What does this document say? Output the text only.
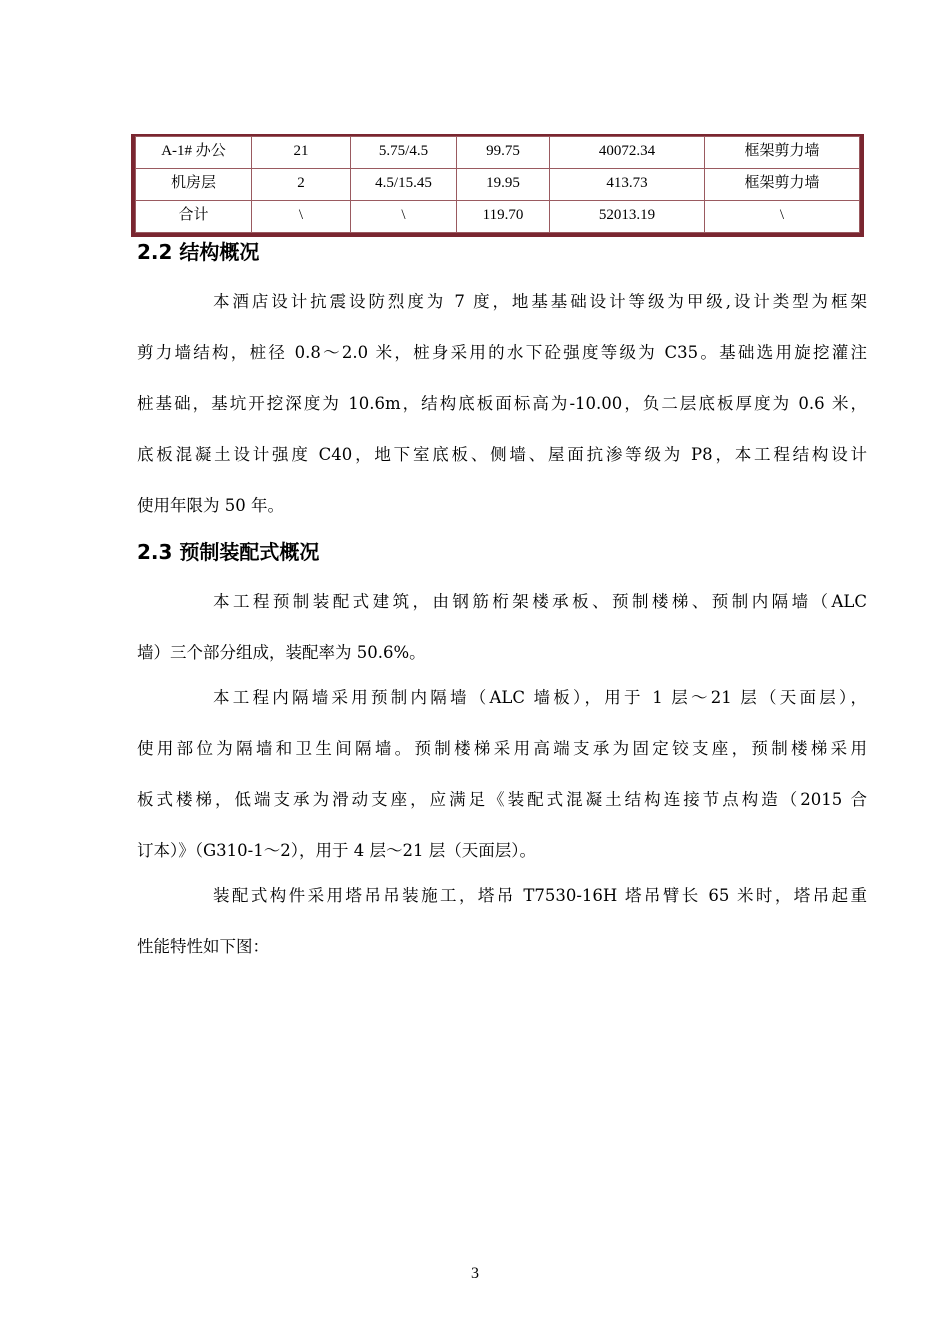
A-1# 办公	21	5.75/4.5	99.75	40072.34	框架剪力墙
机房层	2	4.5/15.45	19.95	413.73	框架剪力墙
合计	\	\	119.70	52013.19	\
2.2 结构概况
本酒店设计抗震设防烈度为 7 度，地基基础设计等级为甲级,设计类型为框架
剪力墙结构，桩径 0.8～2.0 米，桩身采用的水下砼强度等级为 C35。基础选用旋挖灌注
桩基础，基坑开挖深度为 10.6m，结构底板面标高为-10.00，负二层底板厚度为 0.6 米，
底板混凝土设计强度 C40，地下室底板、侧墙、屋面抗渗等级为 P8，本工程结构设计
使用年限为 50 年。
2.3 预制装配式概况
本工程预制装配式建筑，由钢筋桁架楼承板、预制楼梯、预制内隔墙（ALC
墙）三个部分组成，装配率为 50.6%。
本工程内隔墙采用预制内隔墙（ALC 墙板），用于 1 层～21 层（天面层），
使用部位为隔墙和卫生间隔墙。预制楼梯采用高端支承为固定铰支座，预制楼梯采用
板式楼梯，低端支承为滑动支座，应满足《装配式混凝土结构连接节点构造（2015 合
订本）》（G310-1～2），用于 4 层～21 层（天面层）。
装配式构件采用塔吊吊装施工，塔吊 T7530-16H 塔吊臂长 65 米时，塔吊起重
性能特性如下图：
3
